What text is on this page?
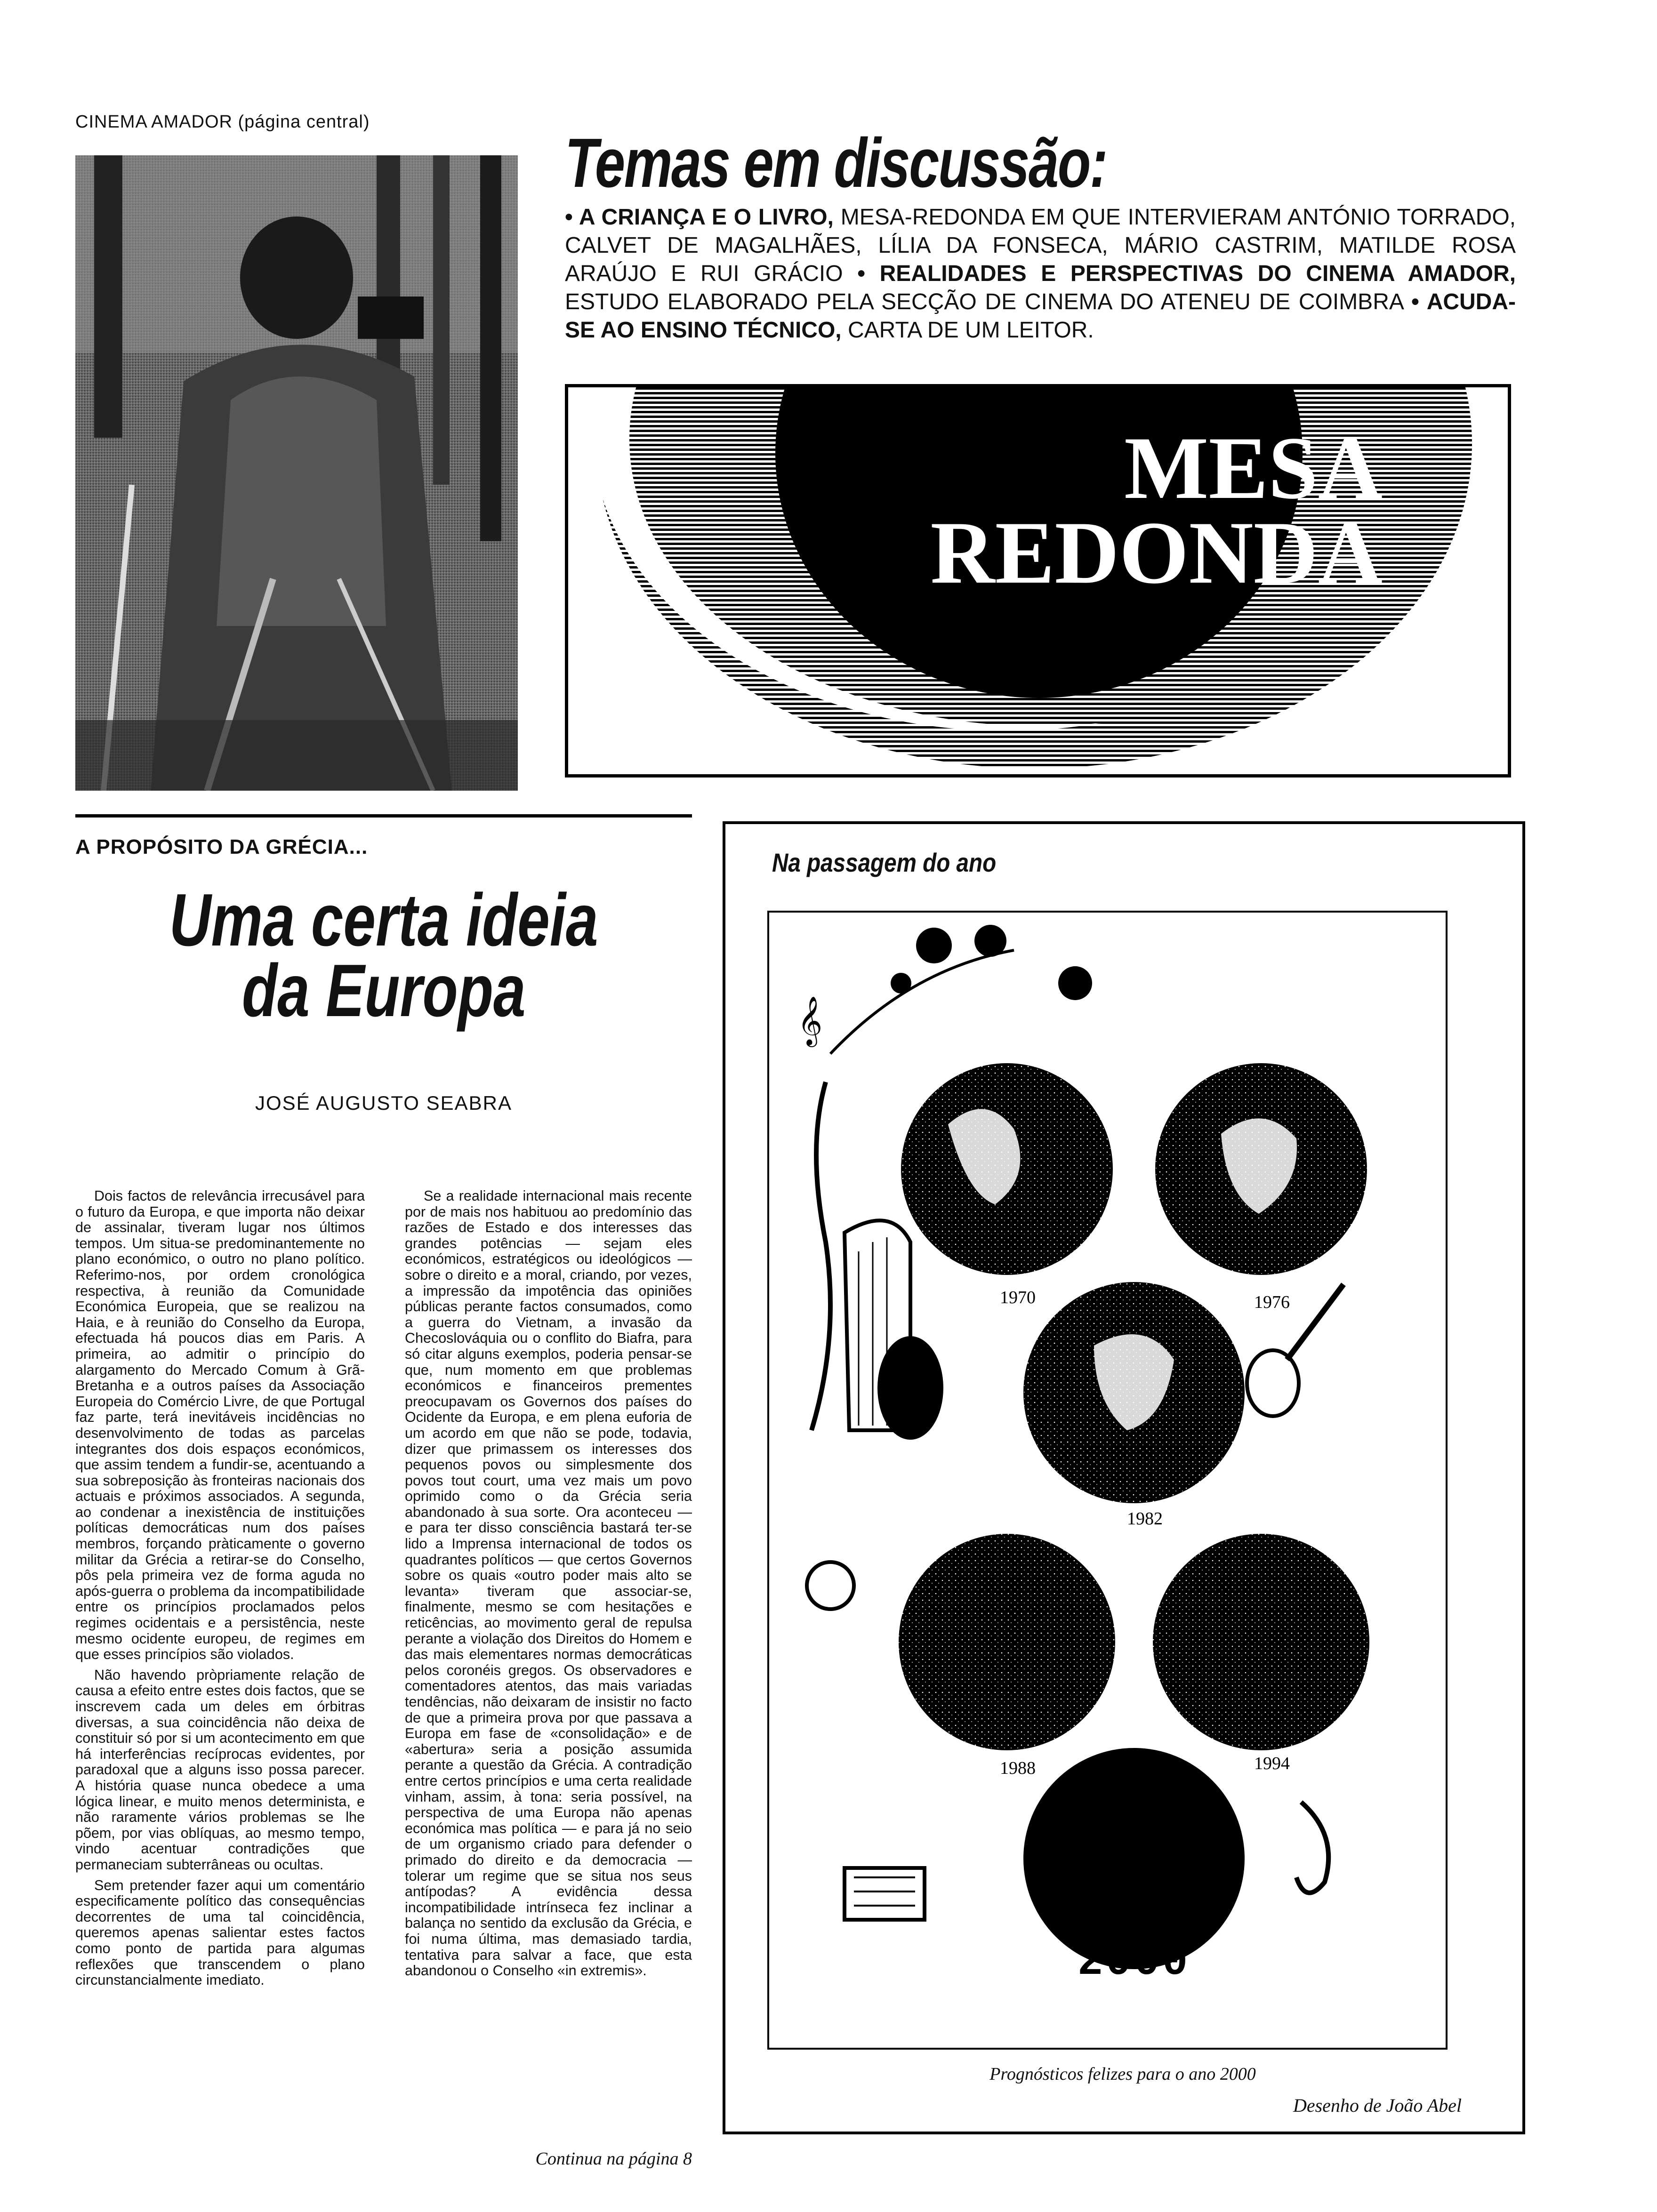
CINEMA AMADOR (página central)
Temas em discussão:
• A CRIANÇA E O LIVRO, MESA-REDONDA EM QUE INTERVIERAM ANTÓNIO TORRADO, CALVET DE MAGALHÃES, LÍLIA DA FONSECA, MÁRIO CASTRIM, MATILDE ROSA ARAÚJO E RUI GRÁCIO • REALIDADES E PERSPECTIVAS DO CINEMA AMADOR, ESTUDO ELABORADO PELA SECÇÃO DE CINEMA DO ATENEU DE COIMBRA • ACUDA-SE AO ENSINO TÉCNICO, CARTA DE UM LEITOR.
MESA
REDONDA
A PROPÓSITO DA GRÉCIA...
Uma certa ideia
da Europa
JOSÉ AUGUSTO SEABRA

Dois factos de relevância irrecusável para o futuro da Europa, e que importa não deixar de assinalar, tiveram lugar nos últimos tempos. Um situa-se predominantemente no plano económico, o outro no plano político. Referimo-nos, por ordem cronológica respectiva, à reunião da Comunidade Económica Europeia, que se realizou na Haia, e à reunião do Conselho da Europa, efectuada há poucos dias em Paris. A primeira, ao admitir o princípio do alargamento do Mercado Comum à Grã-Bretanha e a outros países da Associação Europeia do Comércio Livre, de que Portugal faz parte, terá inevitáveis incidências no desenvolvimento de todas as parcelas integrantes dos dois espaços económicos, que assim tendem a fundir-se, acentuando a sua sobreposição às fronteiras nacionais dos actuais e próximos associados. A segunda, ao condenar a inexistência de instituições políticas democráticas num dos países membros, forçando pràticamente o governo militar da Grécia a retirar-se do Conselho, pôs pela primeira vez de forma aguda no após-guerra o problema da incompatibilidade entre os princípios proclamados pelos regimes ocidentais e a persistência, neste mesmo ocidente europeu, de regimes em que esses princípios são violados.

Não havendo pròpriamente relação de causa a efeito entre estes dois factos, que se inscrevem cada um deles em órbitras diversas, a sua coincidência não deixa de constituir só por si um acontecimento em que há interferências recíprocas evidentes, por paradoxal que a alguns isso possa parecer. A história quase nunca obedece a uma lógica linear, e muito menos determinista, e não raramente vários problemas se lhe põem, por vias oblíquas, ao mesmo tempo, vindo acentuar contradições que permaneciam subterrâneas ou ocultas.

Sem pretender fazer aqui um comentário especificamente político das consequências decorrentes de uma tal coincidência, queremos apenas salientar estes factos como ponto de partida para algumas reflexões que transcendem o plano circunstancialmente imediato.

Se a realidade internacional mais recente por de mais nos habituou ao predomínio das razões de Estado e dos interesses das grandes potências — sejam eles económicos, estratégicos ou ideológicos — sobre o direito e a moral, criando, por vezes, a impressão da impotência das opiniões públicas perante factos consumados, como a guerra do Vietnam, a invasão da Checoslováquia ou o conflito do Biafra, para só citar alguns exemplos, poderia pensar-se que, num momento em que problemas económicos e financeiros prementes preocupavam os Governos dos países do Ocidente da Europa, e em plena euforia de um acordo em que não se pode, todavia, dizer que primassem os interesses dos pequenos povos ou simplesmente dos povos tout court, uma vez mais um povo oprimido como o da Grécia seria abandonado à sua sorte. Ora aconteceu — e para ter disso consciência bastará ter-se lido a Imprensa internacional de todos os quadrantes políticos — que certos Governos sobre os quais «outro poder mais alto se levanta» tiveram que associar-se, finalmente, mesmo se com hesitações e reticências, ao movimento geral de repulsa perante a violação dos Direitos do Homem e das mais elementares normas democráticas pelos coronéis gregos. Os observadores e comentadores atentos, das mais variadas tendências, não deixaram de insistir no facto de que a primeira prova por que passava a Europa em fase de «consolidação» e de «abertura» seria a posição assumida perante a questão da Grécia. A contradição entre certos princípios e uma certa realidade vinham, assim, à tona: seria possível, na perspectiva de uma Europa não apenas económica mas política — e para já no seio de um organismo criado para defender o primado do direito e da democracia — tolerar um regime que se situa nos seus antípodas? A evidência dessa incompatibilidade intrínseca fez inclinar a balança no sentido da exclusão da Grécia, e foi numa última, mas demasiado tardia, tentativa para salvar a face, que esta abandonou o Conselho «in extremis».

Continua na página 8
Na passagem do ano
𝄞
1970	1976
1982
1988	1994
2000
Prognósticos felizes para o ano 2000
Desenho de João Abel
